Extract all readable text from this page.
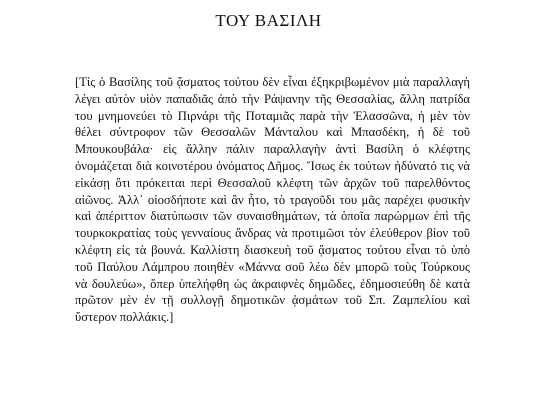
ΤΟΥ ΒΑΣΙΛΗ

[Τίς ὁ Βασίλης τοῦ ᾄσματος τούτου δὲν εἶναι ἐξηκριβωμένον μιὰ παραλλαγὴ λέγει αὐτὸν υἱὸν παπαδιᾶς ἀπὸ τὴν Ράψανην τῆς Θεσσαλίας, ἄλλη πατρίδα του μνημονεύει τὸ Πιρνάρι τῆς Ποταμιᾶς παρὰ τὴν Ἐλασσῶνα, ἡ μὲν τὸν θέλει σύντροφον τῶν Θεσσαλῶν Μάνταλου καὶ Μπασδέκη, ἡ δὲ τοῦ Μπουκουβάλα· εἰς ἄλλην πάλιν παραλλαγὴν ἀντὶ Βασίλη ὁ κλέφτης ὀνομάζεται διὰ κοινοτέρου ὀνόματος Δῆμος. Ἴσως ἐκ τούτων ἠδύνατό τις νὰ εἰκάσῃ ὅτι πρόκειται περὶ Θεσσαλοῦ κλέφτη τῶν ἀρχῶν τοῦ παρελθόντος αἰῶνος. Ἀλλ᾽ οἱοσδήποτε καὶ ἂν ἦτο, τὸ τραγοῦδι του μᾶς παρέχει φυσικὴν καὶ ἀπέριττον διατύπωσιν τῶν συναισθημάτων, τὰ ὁποῖα παρώρμων ἐπὶ τῆς τουρκοκρατίας τοὺς γενναίους ἄνδρας νὰ προτιμῶσι τὸν ἐλεύθερον βίον τοῦ κλέφτη εἰς τὰ βουνά. Καλλίστη διασκευὴ τοῦ ᾄσματος τούτου εἶναι τὸ ὑπὸ τοῦ Παύλου Λάμπρου ποιηθὲν «Μάννα σοῦ λέω δὲν μπορῶ τοὺς Τούρκους νὰ δουλεύω», ὅπερ ὑπελήφθη ὡς ἀκραιφνὲς δημῶδες, ἐδημοσιεύθη δὲ κατὰ πρῶτον μὲν ἐν τῇ συλλογῇ δημοτικῶν ᾀσμάτων τοῦ Σπ. Ζαμπελίου καὶ ὕστερον πολλάκις.]
